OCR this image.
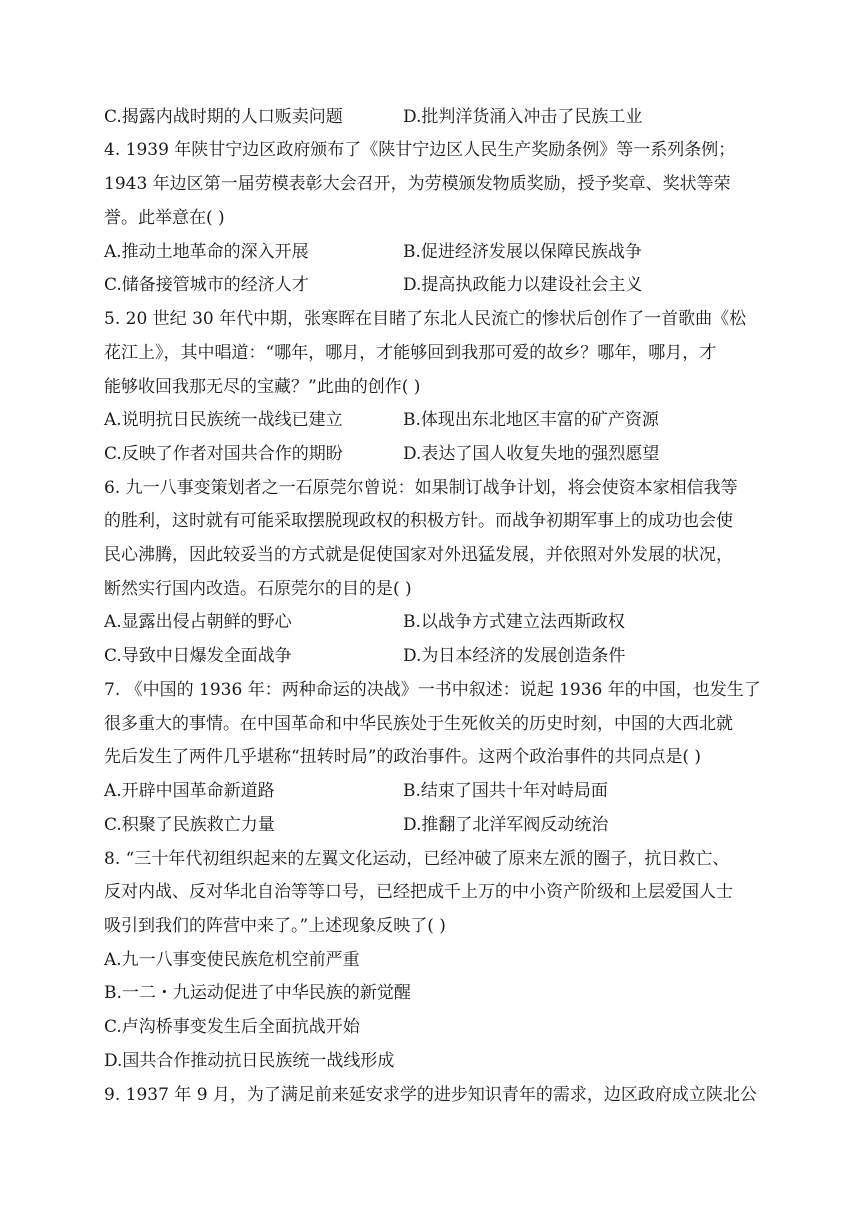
C.揭露内战时期的人口贩卖问题	D.批判洋货涌入冲击了民族工业
4. 1939 年陕甘宁边区政府颁布了《陕甘宁边区人民生产奖励条例》等一系列条例；
1943 年边区第一届劳模表彰大会召开，为劳模颁发物质奖励，授予奖章、奖状等荣
誉。此举意在( )
A.推动土地革命的深入开展	B.促进经济发展以保障民族战争
C.储备接管城市的经济人才	D.提高执政能力以建设社会主义
5. 20 世纪 30 年代中期，张寒晖在目睹了东北人民流亡的惨状后创作了一首歌曲《松
花江上》，其中唱道：“哪年，哪月，才能够回到我那可爱的故乡？哪年，哪月，才
能够收回我那无尽的宝藏？”此曲的创作( )
A.说明抗日民族统一战线已建立	B.体现出东北地区丰富的矿产资源
C.反映了作者对国共合作的期盼	D.表达了国人收复失地的强烈愿望
6. 九一八事变策划者之一石原莞尔曾说：如果制订战争计划，将会使资本家相信我等
的胜利，这时就有可能采取摆脱现政权的积极方针。而战争初期军事上的成功也会使
民心沸腾，因此较妥当的方式就是促使国家对外迅猛发展，并依照对外发展的状况，
断然实行国内改造。石原莞尔的目的是( )
A.显露出侵占朝鲜的野心	B.以战争方式建立法西斯政权
C.导致中日爆发全面战争	D.为日本经济的发展创造条件
7. 《中国的 1936 年：两种命运的决战》一书中叙述：说起 1936 年的中国，也发生了
很多重大的事情。在中国革命和中华民族处于生死攸关的历史时刻，中国的大西北就
先后发生了两件几乎堪称“扭转时局”的政治事件。这两个政治事件的共同点是( )
A.开辟中国革命新道路	B.结束了国共十年对峙局面
C.积聚了民族救亡力量	D.推翻了北洋军阀反动统治
8. “三十年代初组织起来的左翼文化运动，已经冲破了原来左派的圈子，抗日救亡、
反对内战、反对华北自治等等口号，已经把成千上万的中小资产阶级和上层爱国人士
吸引到我们的阵营中来了。”上述现象反映了( )
A.九一八事变使民族危机空前严重
B.一二・九运动促进了中华民族的新觉醒
C.卢沟桥事变发生后全面抗战开始
D.国共合作推动抗日民族统一战线形成
9. 1937 年 9 月，为了满足前来延安求学的进步知识青年的需求，边区政府成立陕北公
